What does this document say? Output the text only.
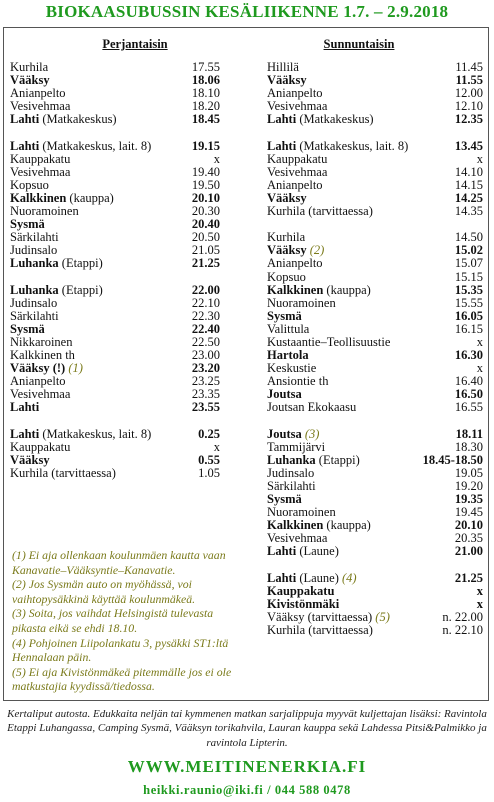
BIOKAASUBUSSIN KESÄLIIKENNE 1.7. – 2.9.2018
Perjantaisin	Sunnuntaisin
Kurhila	17.55
Vääksy	18.06
Anianpelto	18.10
Vesivehmaa	18.20
Lahti (Matkakeskus)	18.45
Lahti (Matkakeskus, lait. 8)	19.15
Kauppakatu	x
Vesivehmaa	19.40
Kopsuo	19.50
Kalkkinen (kauppa)	20.10
Nuoramoinen	20.30
Sysmä	20.40
Särkilahti	20.50
Judinsalo	21.05
Luhanka (Etappi)	21.25
Luhanka (Etappi)	22.00
Judinsalo	22.10
Särkilahti	22.30
Sysmä	22.40
Nikkaroinen	22.50
Kalkkinen th	23.00
Vääksy (!) (1)	23.20
Anianpelto	23.25
Vesivehmaa	23.35
Lahti	23.55
Lahti (Matkakeskus, lait. 8)	0.25
Kauppakatu	x
Vääksy	0.55
Kurhila (tarvittaessa)	1.05
Hillilä	11.45
Vääksy	11.55
Anianpelto	12.00
Vesivehmaa	12.10
Lahti (Matkakeskus)	12.35
Lahti (Matkakeskus, lait. 8)	13.45
Kauppakatu	x
Vesivehmaa	14.10
Anianpelto	14.15
Vääksy	14.25
Kurhila (tarvittaessa)	14.35
Kurhila	14.50
Vääksy (2)	15.02
Anianpelto	15.07
Kopsuo	15.15
Kalkkinen (kauppa)	15.35
Nuoramoinen	15.55
Sysmä	16.05
Valittula	16.15
Kustaantie–Teollisuustie	x
Hartola	16.30
Keskustie	x
Ansiontie th	16.40
Joutsa	16.50
Joutsan Ekokaasu	16.55
Joutsa (3)	18.11
Tammijärvi	18.30
Luhanka (Etappi)	18.45-18.50
Judinsalo	19.05
Särkilahti	19.20
Sysmä	19.35
Nuoramoinen	19.45
Kalkkinen (kauppa)	20.10
Vesivehmaa	20.35
Lahti (Laune)	21.00
Lahti (Laune) (4)	21.25
Kauppakatu	x
Kivistönmäki	x
Vääksy (tarvittaessa) (5)	n. 22.00
Kurhila (tarvittaessa)	n. 22.10
(1) Ei aja ollenkaan koulunmäen kautta vaan Kanavatie–Vääksyntie–Kanavatie.
(2) Jos Sysmän auto on myöhässä, voi vaihtopysäkkinä käyttää koulunmäkeä.
(3) Soita, jos vaihdat Helsingistä tulevasta pikasta eikä se ehdi 18.10.
(4) Pohjoinen Liipolankatu 3, pysäkki ST1:ltä Hennalaan päin.
(5) Ei aja Kivistönmäkeä pitemmälle jos ei ole matkustajia kyydissä/tiedossa.
Kertaliput autosta. Edukkaita neljän tai kymmenen matkan sarjalippuja myyvät kuljettajan lisäksi: Ravintola Etappi Luhangassa, Camping Sysmä, Vääksyn torikahvila, Lauran kauppa sekä Lahdessa Pitsi&Palmikko ja ravintola Lipterin.
WWW.MEITINENERKIA.FI
heikki.raunio@iki.fi / 044 588 0478
